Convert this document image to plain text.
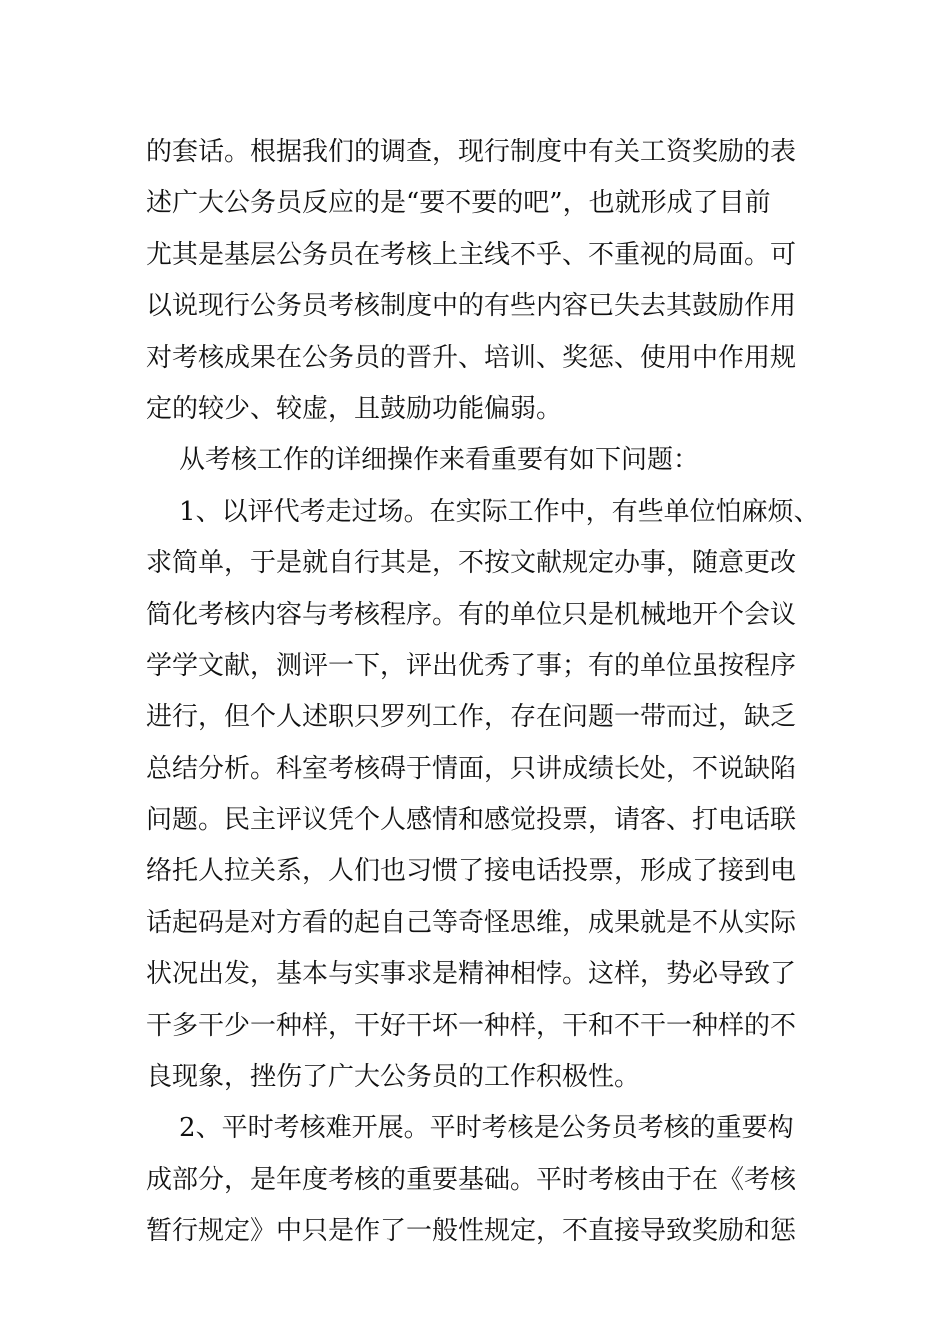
的套话。根据我们的调查，现行制度中有关工资奖励的表
述广大公务员反应的是“要不要的吧”，也就形成了目前
尤其是基层公务员在考核上主线不乎、不重视的局面。可
以说现行公务员考核制度中的有些内容已失去其鼓励作用
对考核成果在公务员的晋升、培训、奖惩、使用中作用规
定的较少、较虚，且鼓励功能偏弱。
从考核工作的详细操作来看重要有如下问题：
1、以评代考走过场。在实际工作中，有些单位怕麻烦、
求简单，于是就自行其是，不按文献规定办事，随意更改
简化考核内容与考核程序。有的单位只是机械地开个会议
学学文献，测评一下，评出优秀了事；有的单位虽按程序
进行，但个人述职只罗列工作，存在问题一带而过，缺乏
总结分析。科室考核碍于情面，只讲成绩长处，不说缺陷
问题。民主评议凭个人感情和感觉投票，请客、打电话联
络托人拉关系，人们也习惯了接电话投票，形成了接到电
话起码是对方看的起自己等奇怪思维，成果就是不从实际
状况出发，基本与实事求是精神相悖。这样，势必导致了
干多干少一种样，干好干坏一种样，干和不干一种样的不
良现象，挫伤了广大公务员的工作积极性。
2、平时考核难开展。平时考核是公务员考核的重要构
成部分，是年度考核的重要基础。平时考核由于在《考核
暂行规定》中只是作了一般性规定，不直接导致奖励和惩
